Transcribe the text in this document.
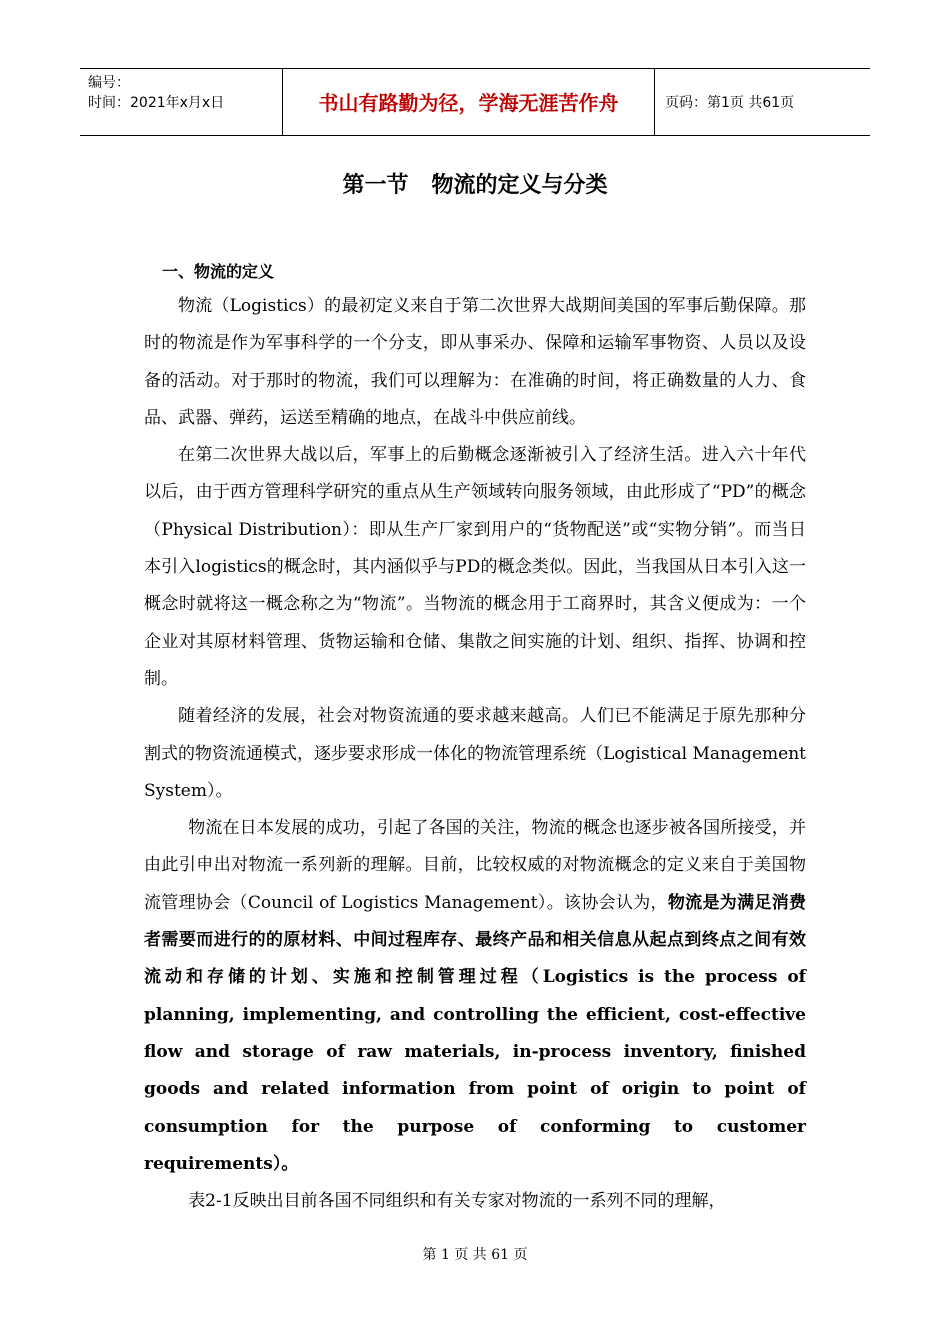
编号：
时间：2021年x月x日	书山有路勤为径，学海无涯苦作舟	页码：第1页 共61页
第一节   物流的定义与分类
一、物流的定义

物流（Logistics）的最初定义来自于第二次世界大战期间美国的军事后勤保障。那时的物流是作为军事科学的一个分支，即从事采办、保障和运输军事物资、人员以及设备的活动。对于那时的物流，我们可以理解为：在准确的时间，将正确数量的人力、食品、武器、弹药，运送至精确的地点，在战斗中供应前线。

在第二次世界大战以后，军事上的后勤概念逐渐被引入了经济生活。进入六十年代以后，由于西方管理科学研究的重点从生产领域转向服务领域，由此形成了“PD”的概念（Physical Distribution）：即从生产厂家到用户的“货物配送”或“实物分销”。而当日本引入logistics的概念时，其内涵似乎与PD的概念类似。因此，当我国从日本引入这一概念时就将这一概念称之为“物流”。当物流的概念用于工商界时，其含义便成为：一个企业对其原材料管理、货物运输和仓储、集散之间实施的计划、组织、指挥、协调和控制。

随着经济的发展，社会对物资流通的要求越来越高。人们已不能满足于原先那种分割式的物资流通模式，逐步要求形成一体化的物流管理系统（Logistical Management System）。

物流在日本发展的成功，引起了各国的关注，物流的概念也逐步被各国所接受，并由此引申出对物流一系列新的理解。目前，比较权威的对物流概念的定义来自于美国物流管理协会（Council of Logistics Management）。该协会认为，物流是为满足消费者需要而进行的的原材料、中间过程库存、最终产品和相关信息从起点到终点之间有效流动和存储的计划、实施和控制管理过程（Logistics is the process of planning, implementing, and controlling the efficient, cost-effective flow and storage of raw materials, in-process inventory, finished goods and related information from point of origin to point of consumption for the purpose of conforming to customer requirements）。

表2-1反映出目前各国不同组织和有关专家对物流的一系列不同的理解，

第 1 页 共 61 页
